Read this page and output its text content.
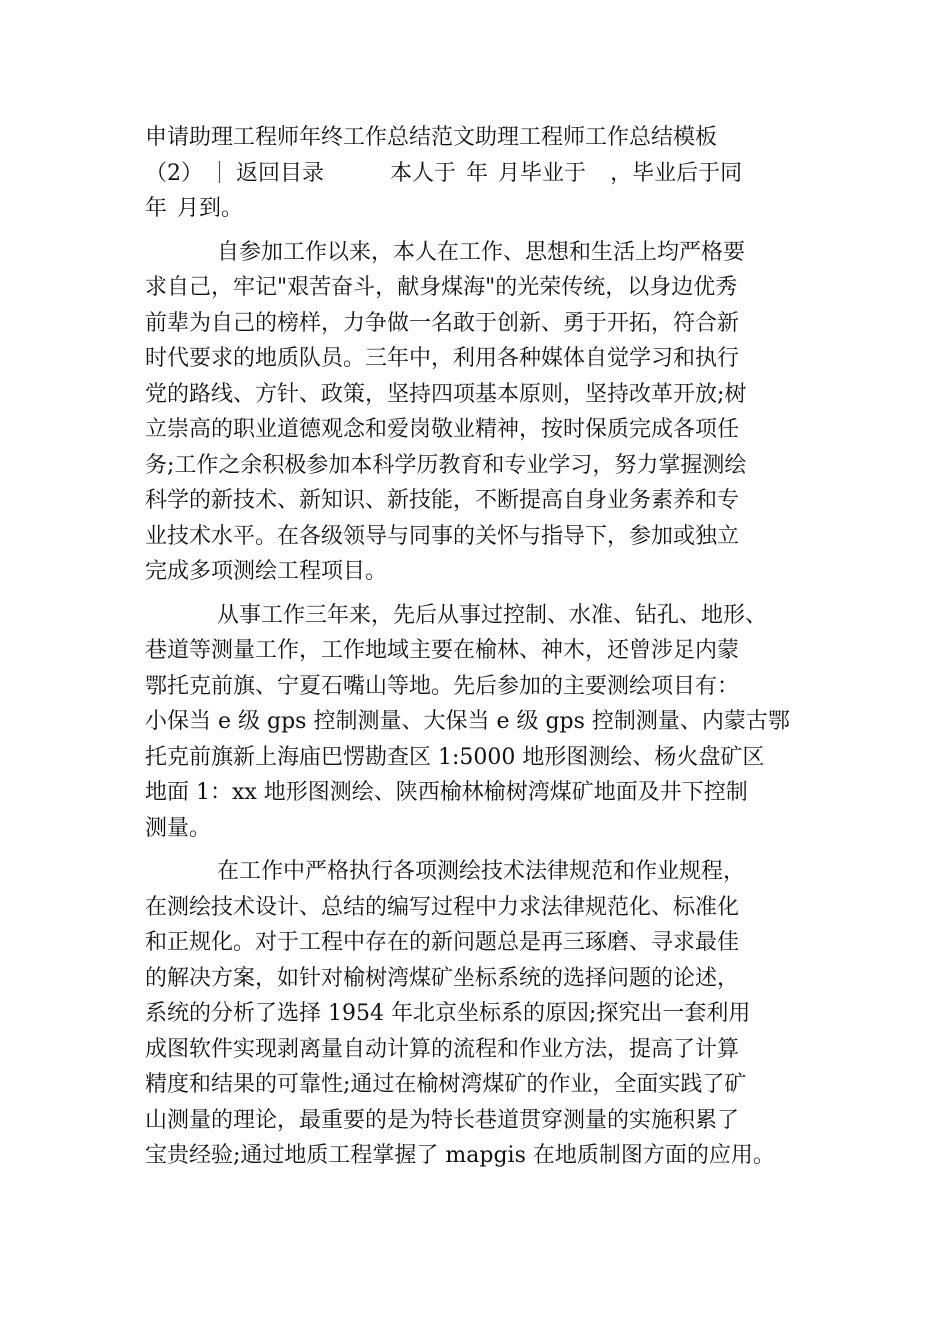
申请助理工程师年终工作总结范文助理工程师工作总结模板
（2） 返回目录	本人于 年 月毕业于 ，毕业后于同
年 月到。
自参加工作以来，本人在工作、思想和生活上均严格要
求自己，牢记"艰苦奋斗，献身煤海"的光荣传统，以身边优秀
前辈为自己的榜样，力争做一名敢于创新、勇于开拓，符合新
时代要求的地质队员。三年中，利用各种媒体自觉学习和执行
党的路线、方针、政策，坚持四项基本原则，坚持改革开放;树
立崇高的职业道德观念和爱岗敬业精神，按时保质完成各项任
务;工作之余积极参加本科学历教育和专业学习，努力掌握测绘
科学的新技术、新知识、新技能，不断提高自身业务素养和专
业技术水平。在各级领导与同事的关怀与指导下，参加或独立
完成多项测绘工程项目。
从事工作三年来，先后从事过控制、水准、钻孔、地形、
巷道等测量工作，工作地域主要在榆林、神木，还曾涉足内蒙
鄂托克前旗、宁夏石嘴山等地。先后参加的主要测绘项目有：
小保当 e 级 gps 控制测量、大保当 e 级 gps 控制测量、内蒙古鄂
托克前旗新上海庙巴愣勘查区 1:5000 地形图测绘、杨火盘矿区
地面 1：xx 地形图测绘、陕西榆林榆树湾煤矿地面及井下控制
测量。
在工作中严格执行各项测绘技术法律规范和作业规程，
在测绘技术设计、总结的编写过程中力求法律规范化、标准化
和正规化。对于工程中存在的新问题总是再三琢磨、寻求最佳
的解决方案，如针对榆树湾煤矿坐标系统的选择问题的论述，
系统的分析了选择 1954 年北京坐标系的原因;探究出一套利用
成图软件实现剥离量自动计算的流程和作业方法，提高了计算
精度和结果的可靠性;通过在榆树湾煤矿的作业，全面实践了矿
山测量的理论，最重要的是为特长巷道贯穿测量的实施积累了
宝贵经验;通过地质工程掌握了 mapgis 在地质制图方面的应用。
